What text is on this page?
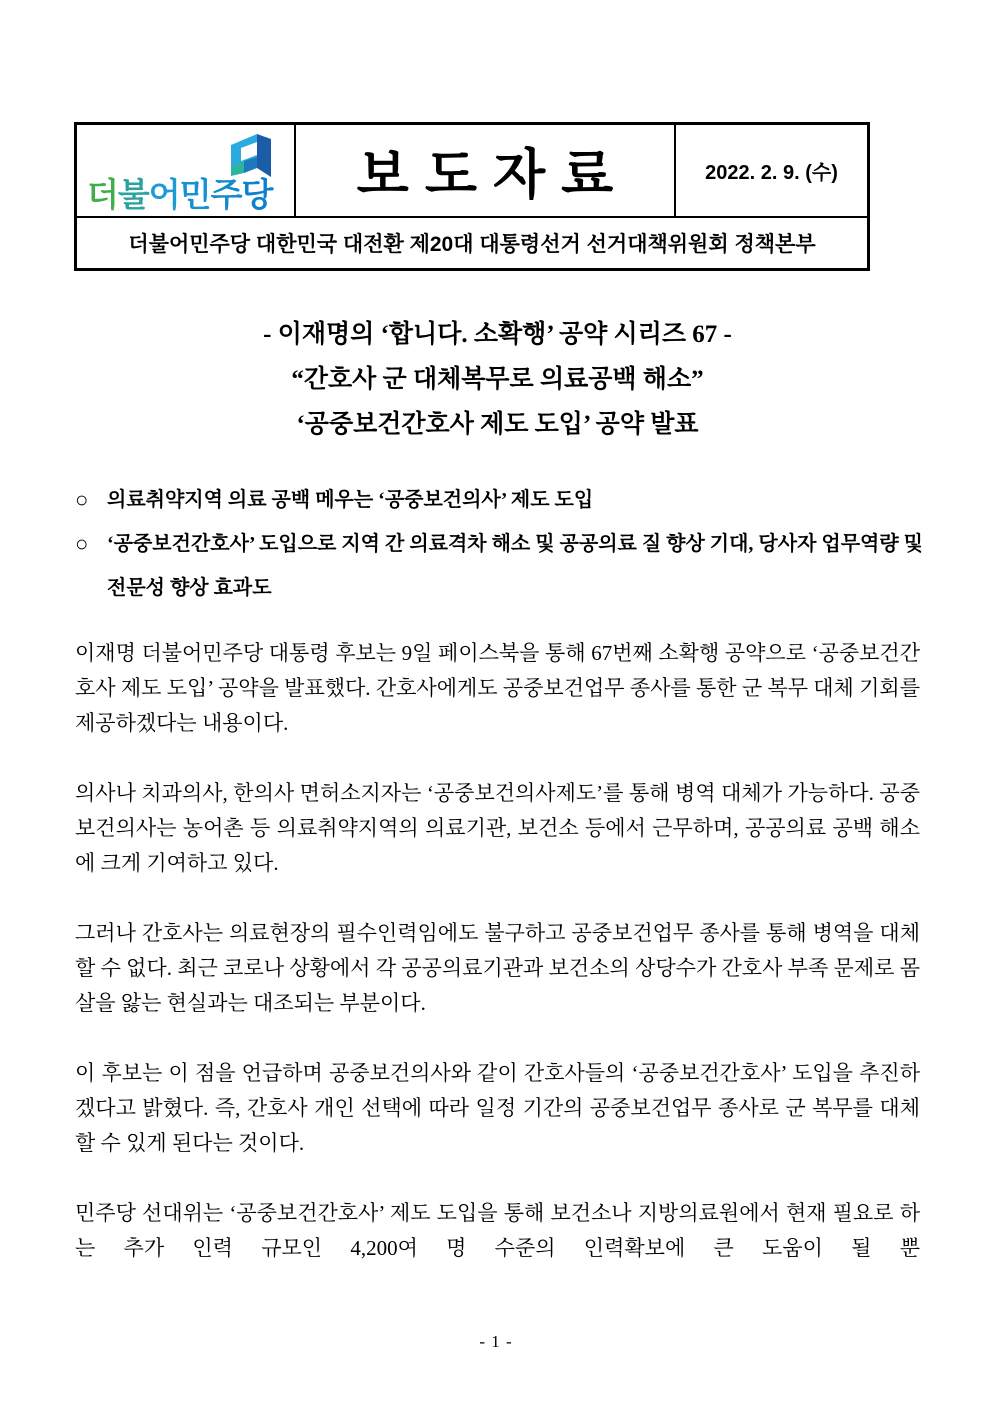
더불어민주당 보도자료	2022. 2. 9. (수)
더불어민주당 대한민국 대전환 제20대 대통령선거 선거대책위원회 정책본부
- 이재명의 ‘합니다. 소확행’ 공약 시리즈 67 -
“간호사 군 대체복무로 의료공백 해소”
‘공중보건간호사 제도 도입’ 공약 발표
○ 의료취약지역 의료 공백 메우는 ‘공중보건의사’ 제도 도입
○ ‘공중보건간호사’ 도입으로 지역 간 의료격차 해소 및 공공의료 질 향상 기대, 당사자 업무역량 및 전문성 향상 효과도

이재명 더불어민주당 대통령 후보는 9일 페이스북을 통해 67번째 소확행 공약으로 ‘공중보건간호사 제도 도입’ 공약을 발표했다. 간호사에게도 공중보건업무 종사를 통한 군 복무 대체 기회를 제공하겠다는 내용이다.

의사나 치과의사, 한의사 면허소지자는 ‘공중보건의사제도’를 통해 병역 대체가 가능하다. 공중보건의사는 농어촌 등 의료취약지역의 의료기관, 보건소 등에서 근무하며, 공공의료 공백 해소에 크게 기여하고 있다.

그러나 간호사는 의료현장의 필수인력임에도 불구하고 공중보건업무 종사를 통해 병역을 대체할 수 없다. 최근 코로나 상황에서 각 공공의료기관과 보건소의 상당수가 간호사 부족 문제로 몸살을 앓는 현실과는 대조되는 부분이다.

이 후보는 이 점을 언급하며 공중보건의사와 같이 간호사들의 ‘공중보건간호사’ 도입을 추진하겠다고 밝혔다. 즉, 간호사 개인 선택에 따라 일정 기간의 공중보건업무 종사로 군 복무를 대체할 수 있게 된다는 것이다.

민주당 선대위는 ‘공중보건간호사’ 제도 도입을 통해 보건소나 지방의료원에서 현재 필요로 하는 추가 인력 규모인 4,200여 명 수준의 인력확보에 큰 도움이 될 뿐

- 1 -
